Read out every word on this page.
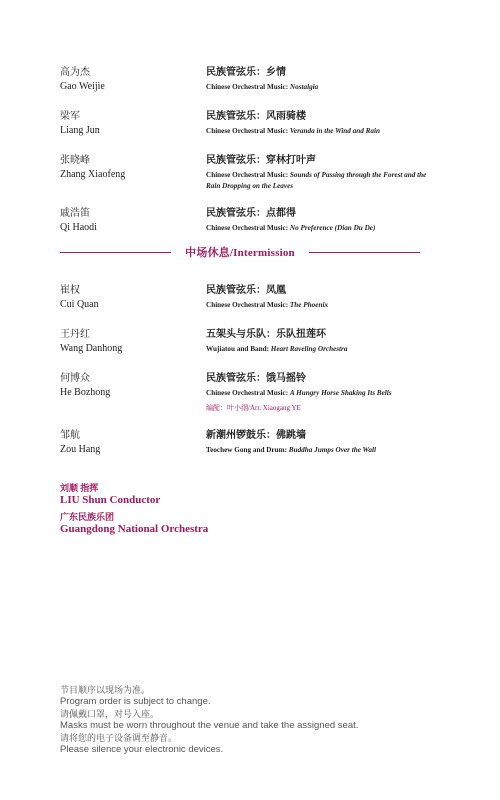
高为杰
Gao Weijie
民族管弦乐：乡情
Chinese Orchestral Music: Nostalgia
梁军
Liang Jun
民族管弦乐：风雨骑楼
Chinese Orchestral Music: Veranda in the Wind and Rain
张晓峰
Zhang Xiaofeng
民族管弦乐：穿林打叶声
Chinese Orchestral Music: Sounds of Passing through the Forest and the Rain Dropping on the Leaves
戚浩笛
Qi Haodi
民族管弦乐：点都得
Chinese Orchestral Music: No Preference (Dian Du De)
中场休息/Intermission
崔权
Cui Quan
民族管弦乐：凤凰
Chinese Orchestral Music: The Phoenix
王丹红
Wang Danhong
五架头与乐队：乐队扭莲环
Wujiatou and Band: Heart Raveling Orchestra
何博众
He Bozhong
民族管弦乐：饿马摇铃
Chinese Orchestral Music: A Hungry Horse Shaking Its Bells
编配：叶小纲/Arr. Xiaogang YE
邹航
Zou Hang
新潮州锣鼓乐：佛跳墙
Teochew Gong and Drum: Buddha Jumps Over the Wall
刘顺 指挥
LIU Shun Conductor
广东民族乐团
Guangdong National Orchestra
节目顺序以现场为准。
Program order is subject to change.
请佩戴口罩，对号入座。
Masks must be worn throughout the venue and take the assigned seat.
请将您的电子设备调至静音。
Please silence your electronic devices.
